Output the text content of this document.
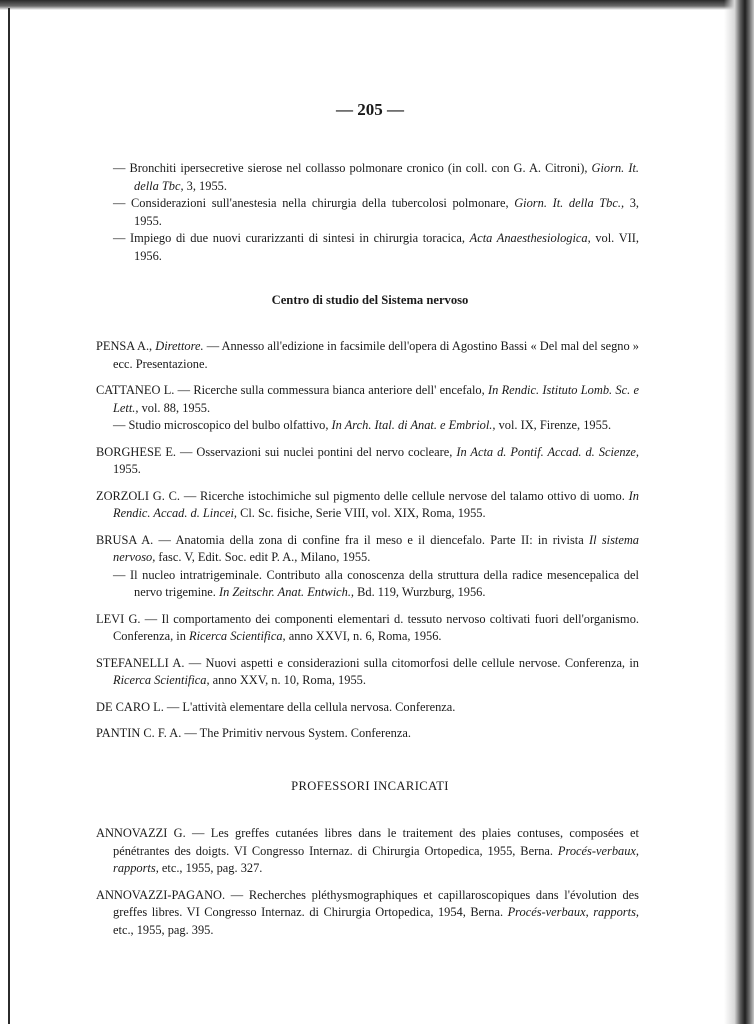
— 205 —

— Bronchiti ipersecretive sierose nel collasso polmonare cronico (in coll. con G. A. Citroni), Giorn. It. della Tbc, 3, 1955.

— Considerazioni sull'anestesia nella chirurgia della tubercolosi polmonare, Giorn. It. della Tbc., 3, 1955.

— Impiego di due nuovi curarizzanti di sintesi in chirurgia toracica, Acta Anaesthesiologica, vol. VII, 1956.

Centro di studio del Sistema nervoso

PENSA A., Direttore. — Annesso all'edizione in facsimile dell'opera di Agostino Bassi « Del mal del segno » ecc. Presentazione.

CATTANEO L. — Ricerche sulla commessura bianca anteriore dell' encefalo, In Rendic. Istituto Lomb. Sc. e Lett., vol. 88, 1955.

— Studio microscopico del bulbo olfattivo, In Arch. Ital. di Anat. e Embriol., vol. IX, Firenze, 1955.

BORGHESE E. — Osservazioni sui nuclei pontini del nervo cocleare, In Acta d. Pontif. Accad. d. Scienze, 1955.

ZORZOLI G. C. — Ricerche istochimiche sul pigmento delle cellule nervose del talamo ottivo di uomo. In Rendic. Accad. d. Lincei, Cl. Sc. fisiche, Serie VIII, vol. XIX, Roma, 1955.

BRUSA A. — Anatomia della zona di confine fra il meso e il diencefalo. Parte II: in rivista Il sistema nervoso, fasc. V, Edit. Soc. edit P. A., Milano, 1955.

— Il nucleo intratrigeminale. Contributo alla conoscenza della struttura della radice mesencepalica del nervo trigemine. In Zeitschr. Anat. Entwich., Bd. 119, Wurzburg, 1956.

LEVI G. — Il comportamento dei componenti elementari d. tessuto nervoso coltivati fuori dell'organismo. Conferenza, in Ricerca Scientifica, anno XXVI, n. 6, Roma, 1956.

STEFANELLI A. — Nuovi aspetti e considerazioni sulla citomorfosi delle cellule nervose. Conferenza, in Ricerca Scientifica, anno XXV, n. 10, Roma, 1955.

DE CARO L. — L'attività elementare della cellula nervosa. Conferenza.

PANTIN C. F. A. — The Primitiv nervous System. Conferenza.

PROFESSORI INCARICATI

ANNOVAZZI G. — Les greffes cutanées libres dans le traitement des plaies contuses, composées et pénétrantes des doigts. VI Congresso Internaz. di Chirurgia Ortopedica, 1955, Berna. Procés-verbaux, rapports, etc., 1955, pag. 327.

ANNOVAZZI-PAGANO. — Recherches pléthysmographiques et capillaroscopiques dans l'évolution des greffes libres. VI Congresso Internaz. di Chirurgia Ortopedica, 1954, Berna. Procés-verbaux, rapports, etc., 1955, pag. 395.
